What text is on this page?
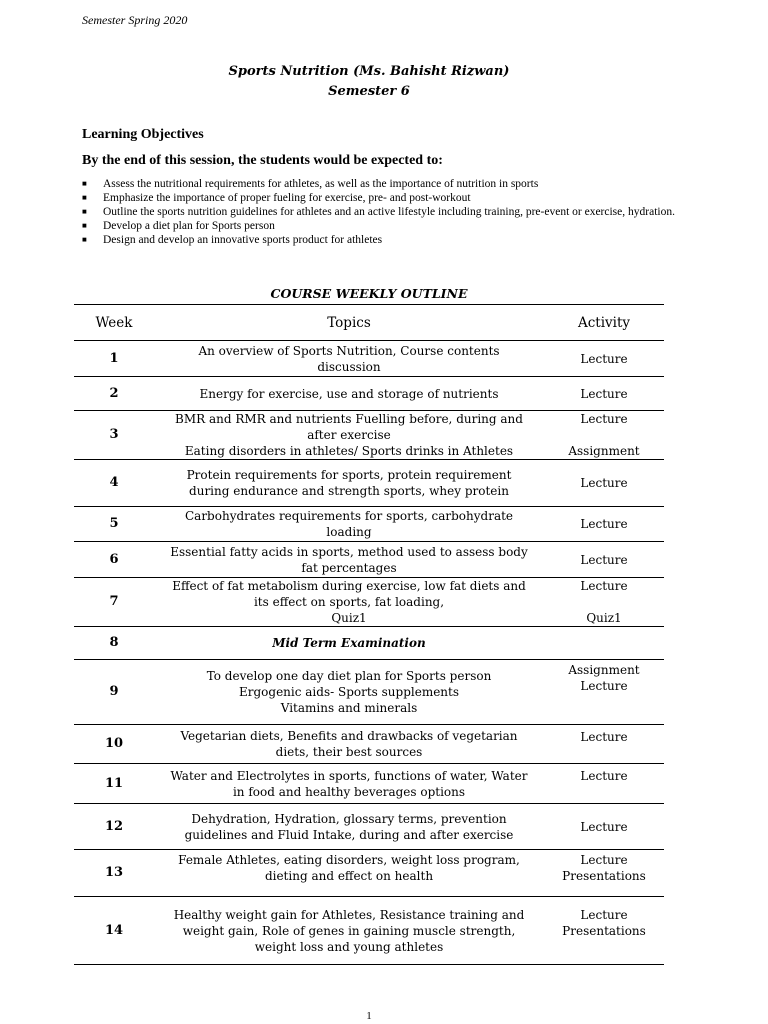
Semester Spring 2020
Sports Nutrition (Ms. Bahisht Rizwan)
Semester 6
Learning Objectives
By the end of this session, the students would be expected to:
■ Assess the nutritional requirements for athletes, as well as the importance of nutrition in sports
■ Emphasize the importance of proper fueling for exercise, pre- and post-workout
■ Outline the sports nutrition guidelines for athletes and an active lifestyle including training, pre-event or exercise, hydration.
■ Develop a diet plan for Sports person
■ Design and develop an innovative sports product for athletes
COURSE WEEKLY OUTLINE
Week	Topics	Activity
1	An overview of Sports Nutrition, Course contents
discussion	Lecture
2	Energy for exercise, use and storage of nutrients	Lecture
3	BMR and RMR and nutrients Fuelling before, during and
after exercise
Eating disorders in athletes/ Sports drinks in Athletes	Lecture

Assignment
4	Protein requirements for sports, protein requirement
during endurance and strength sports, whey protein	Lecture
5	Carbohydrates requirements for sports, carbohydrate
loading	Lecture
6	Essential fatty acids in sports, method used to assess body
fat percentages	Lecture
7	Effect of fat metabolism during exercise, low fat diets and
its effect on sports, fat loading,
Quiz1	Lecture

Quiz1
8	Mid Term Examination	
9	To develop one day diet plan for Sports person
Ergogenic aids- Sports supplements
Vitamins and minerals	Assignment
Lecture
10	Vegetarian diets, Benefits and drawbacks of vegetarian
diets, their best sources	Lecture
11	Water and Electrolytes in sports, functions of water, Water
in food and healthy beverages options	Lecture
12	Dehydration, Hydration, glossary terms, prevention
guidelines and Fluid Intake, during and after exercise	Lecture
13	Female Athletes, eating disorders, weight loss program,
dieting and effect on health	Lecture
Presentations
14	Healthy weight gain for Athletes, Resistance training and
weight gain, Role of genes in gaining muscle strength,
weight loss and young athletes	Lecture
Presentations
1
